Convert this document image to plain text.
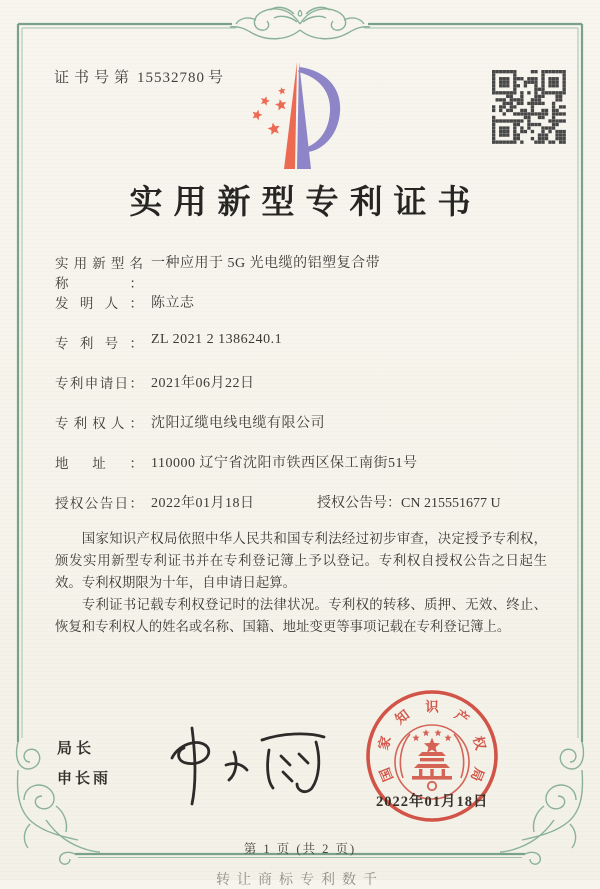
证书号第 15532780 号
实用新型专利证书
实用新型名称：一种应用于 5G 光电缆的铝塑复合带
发明人： 陈立志
专利号： ZL 2021 2 1386240.1
专利申请日： 2021年06月22日
专利权人： 沈阳辽缆电线电缆有限公司
地址： 110000 辽宁省沈阳市铁西区保工南街51号
授权公告日： 2022年01月18日	授权公告号：CN 215551677 U

国家知识产权局依照中华人民共和国专利法经过初步审查，决定授予专利权，颁发实用新型专利证书并在专利登记簿上予以登记。专利权自授权公告之日起生效。专利权期限为十年，自申请日起算。

专利证书记载专利权登记时的法律状况。专利权的转移、质押、无效、终止、恢复和专利权人的姓名或名称、国籍、地址变更等事项记载在专利登记簿上。

局长
申长雨	国
家
知 识 产
权
局
2022年01月18日
第 1 页 (共 2 页)
转让商标专利数千
